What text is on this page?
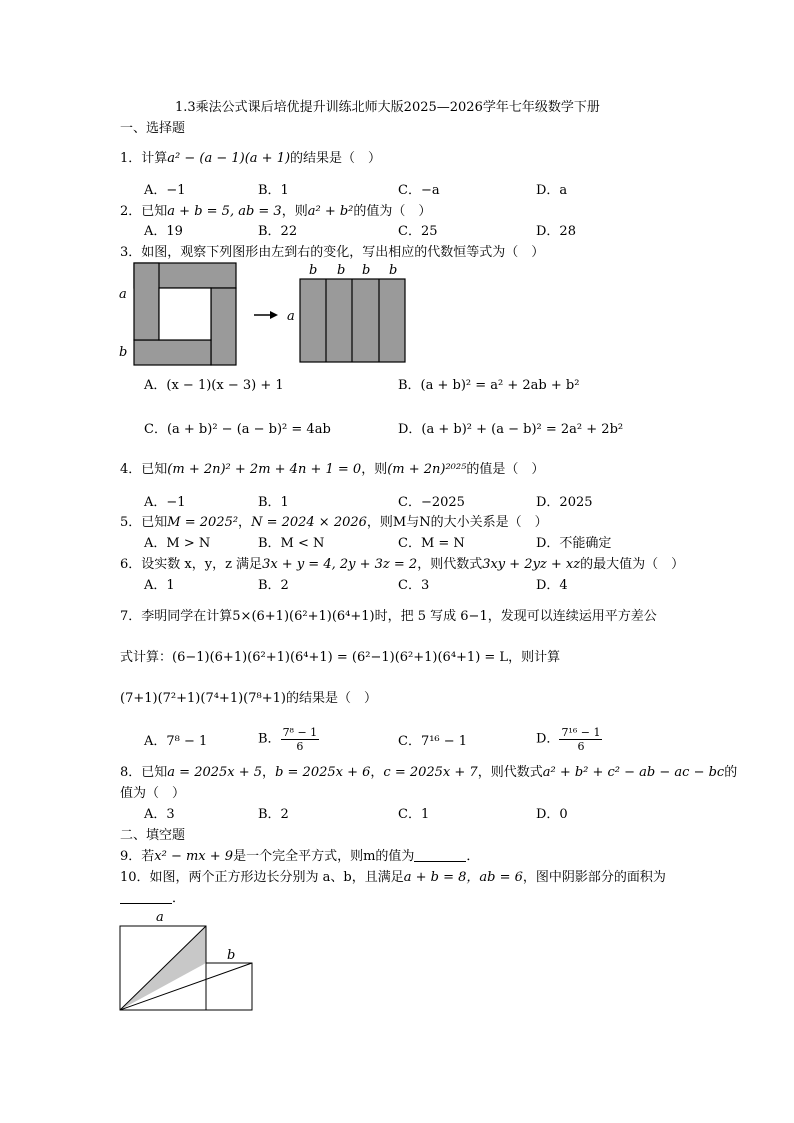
1.3乘法公式课后培优提升训练北师大版2025—2026学年七年级数学下册
一、选择题
1．计算a² − (a − 1)(a + 1)的结果是（　）
A．−1	B．1	C．−a	D．a
2．已知a + b = 5, ab = 3，则a² + b²的值为（　）
A．19	B．22	C．25	D．28
3．如图，观察下列图形由左到右的变化，写出相应的代数恒等式为（　）
a
b
a
b b b b
A．(x − 1)(x − 3) + 1	B．(a + b)² = a² + 2ab + b²
C．(a + b)² − (a − b)² = 4ab	D．(a + b)² + (a − b)² = 2a² + 2b²
4．已知(m + 2n)² + 2m + 4n + 1 = 0，则(m + 2n)²⁰²⁵的值是（　）
A．−1	B．1	C．−2025	D．2025
5．已知M = 2025²，N = 2024 × 2026，则M与N的大小关系是（　）
A．M > N	B．M < N	C．M = N	D．不能确定
6．设实数 x，y，z 满足3x + y = 4, 2y + 3z = 2，则代数式3xy + 2yz + xz的最大值为（　）
A．1	B．2	C．3	D．4
7．李明同学在计算5×(6+1)(6²+1)(6⁴+1)时，把 5 写成 6−1，发现可以连续运用平方差公
式计算：(6−1)(6+1)(6²+1)(6⁴+1) = (6²−1)(6²+1)(6⁴+1) = L，则计算
(7+1)(7²+1)(7⁴+1)(7⁸+1)的结果是（　）
A．7⁸ − 1	B． $\frac{\text{7⁸ − 1}}{6}$	C．7¹⁶ − 1	D． $\frac{\text{7¹⁶ − 1}}{6}$
8．已知a = 2025x + 5，b = 2025x + 6，c = 2025x + 7，则代数式a² + b² + c² − ab − ac − bc的
值为（　）
A．3	B．2	C．1	D．0
二、填空题
9．若x² − mx + 9是一个完全平方式，则m的值为	．
10．如图，两个正方形边长分别为 a、b，且满足a + b = 8，ab = 6，图中阴影部分的面积为
．
a
b
